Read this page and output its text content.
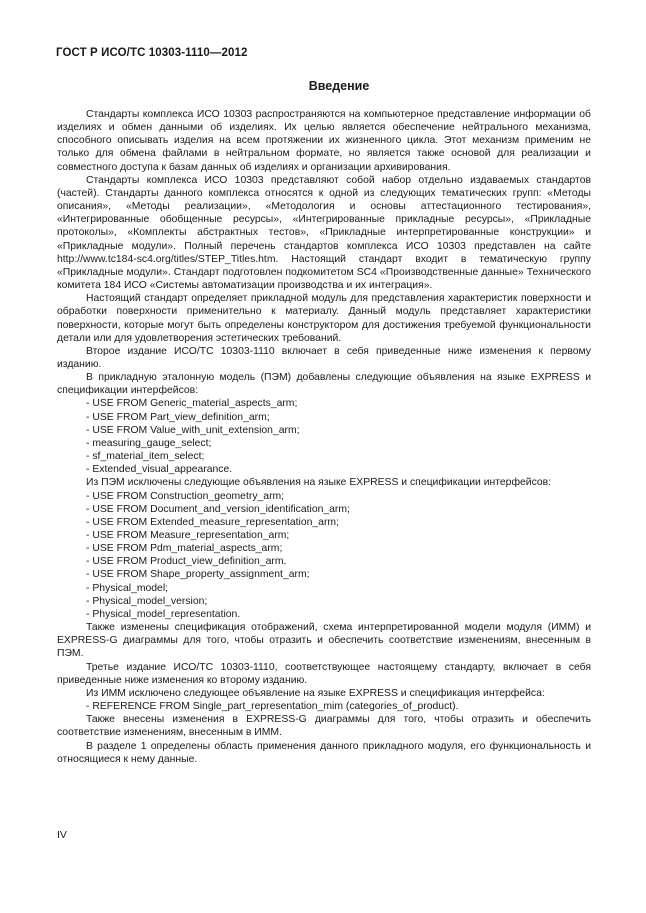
ГОСТ Р ИСО/ТС 10303-1110—2012
Введение

Стандарты комплекса ИСО 10303 распространяются на компьютерное представление информации об изделиях и обмен данными об изделиях. Их целью является обеспечение нейтрального механизма, способного описывать изделия на всем протяжении их жизненного цикла. Этот механизм применим не только для обмена файлами в нейтральном формате, но является также основой для реализации и совместного доступа к базам данных об изделиях и организации архивирования.

Стандарты комплекса ИСО 10303 представляют собой набор отдельно издаваемых стандартов (частей). Стандарты данного комплекса относятся к одной из следующих тематических групп: «Методы описания», «Методы реализации», «Методология и основы аттестационного тестирования», «Интегрированные обобщенные ресурсы», «Интегрированные прикладные ресурсы», «Прикладные протоколы», «Комплекты абстрактных тестов», «Прикладные интерпретированные конструкции» и «Прикладные модули». Полный перечень стандартов комплекса ИСО 10303 представлен на сайте http://www.tc184-sc4.org/titles/STEP_Titles.htm. Настоящий стандарт входит в тематическую группу «Прикладные модули». Стандарт подготовлен подкомитетом SC4 «Производственные данные» Технического комитета 184 ИСО «Системы автоматизации производства и их интеграция».

Настоящий стандарт определяет прикладной модуль для представления характеристик поверхности и обработки поверхности применительно к материалу. Данный модуль представляет характеристики поверхности, которые могут быть определены конструктором для достижения требуемой функциональности детали или для удовлетворения эстетических требований.

Второе издание ИСО/ТС 10303-1110 включает в себя приведенные ниже изменения к первому изданию.

В прикладную эталонную модель (ПЭМ) добавлены следующие объявления на языке EXPRESS и спецификации интерфейсов:

- USE FROM Generic_material_aspects_arm;
- USE FROM Part_view_definition_arm;
- USE FROM Value_with_unit_extension_arm;
- measuring_gauge_select;
- sf_material_item_select;
- Extended_visual_appearance.

Из ПЭМ исключены следующие объявления на языке EXPRESS и спецификации интерфейсов:

- USE FROM Construction_geometry_arm;
- USE FROM Document_and_version_identification_arm;
- USE FROM Extended_measure_representation_arm;
- USE FROM Measure_representation_arm;
- USE FROM Pdm_material_aspects_arm;
- USE FROM Product_view_definition_arm.
- USE FROM Shape_property_assignment_arm;
- Physical_model;
- Physical_model_version;
- Physical_model_representation.

Также изменены спецификация отображений, схема интерпретированной модели модуля (ИММ) и EXPRESS-G диаграммы для того, чтобы отразить и обеспечить соответствие изменениям, внесенным в ПЭМ.

Третье издание ИСО/ТС 10303-1110, соответствующее настоящему стандарту, включает в себя приведенные ниже изменения ко второму изданию.

Из ИММ исключено следующее объявление на языке EXPRESS и спецификация интерфейса:

- REFERENCE FROM Single_part_representation_mim (categories_of_product).

Также внесены изменения в EXPRESS-G диаграммы для того, чтобы отразить и обеспечить соответствие изменениям, внесенным в ИММ.

В разделе 1 определены область применения данного прикладного модуля, его функциональность и относящиеся к нему данные.

IV
